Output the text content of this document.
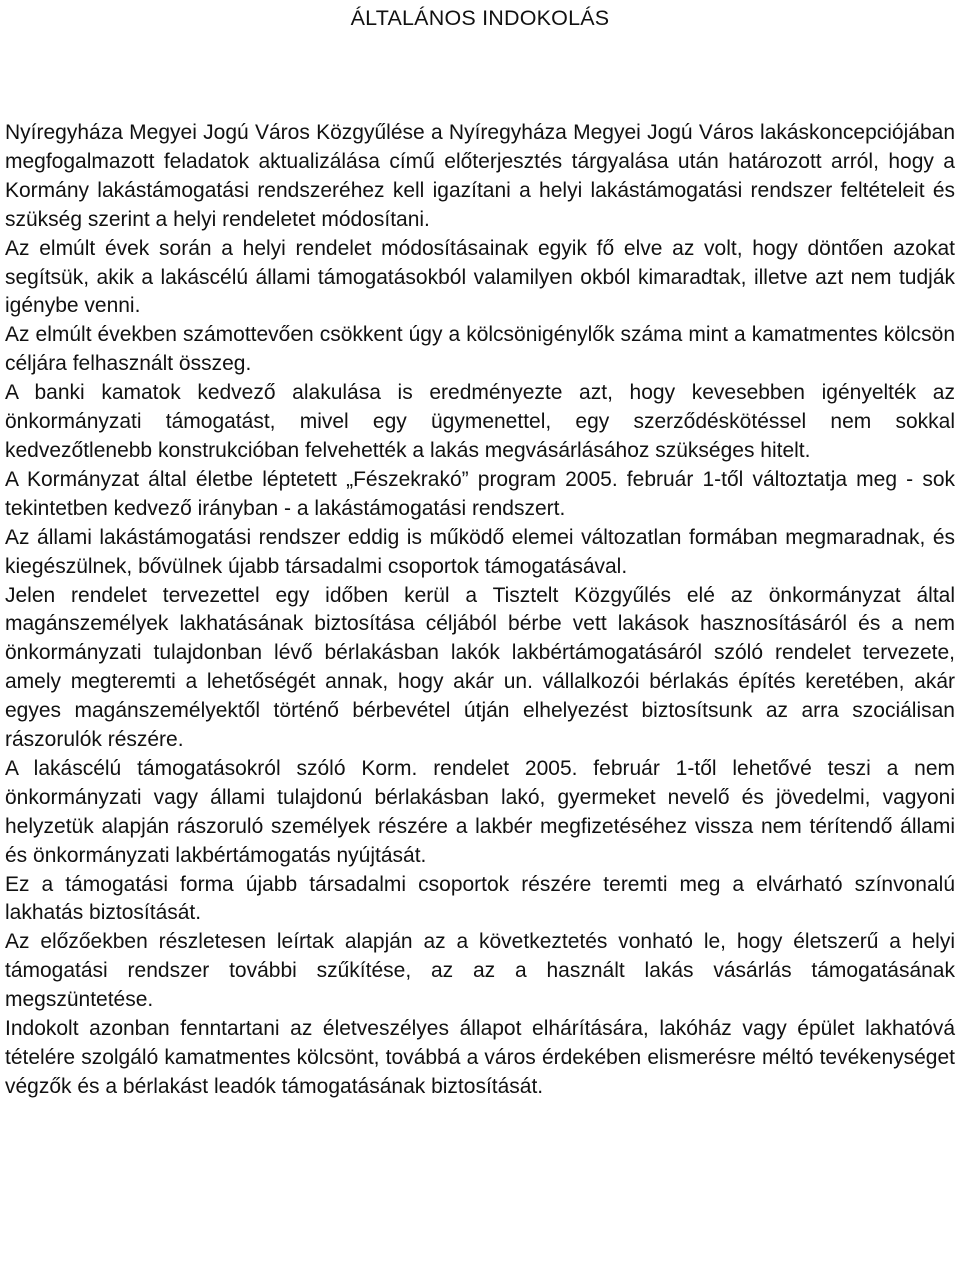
ÁLTALÁNOS INDOKOLÁS

Nyíregyháza Megyei Jogú Város Közgyűlése a Nyíregyháza Megyei Jogú Város lakáskoncepciójában megfogalmazott feladatok aktualizálása című előterjesztés tárgyalása után határozott arról, hogy a Kormány lakástámogatási rendszeréhez kell igazítani a helyi lakástámogatási rendszer feltételeit és szükség szerint a helyi rendeletet módosítani.

Az elmúlt évek során a helyi rendelet módosításainak egyik fő elve az volt, hogy döntően azokat segítsük, akik a lakáscélú állami támogatásokból valamilyen okból kimaradtak, illetve azt nem tudják igénybe venni.

Az elmúlt években számottevően csökkent úgy a kölcsönigénylők száma mint a kamatmentes kölcsön céljára felhasznált összeg.

A banki kamatok kedvező alakulása is eredményezte azt, hogy kevesebben igényelték az önkormányzati támogatást, mivel egy ügymenettel, egy szerződéskötéssel nem sokkal kedvezőtlenebb konstrukcióban felvehették a lakás megvásárlásához szükséges hitelt.

A Kormányzat által életbe léptetett „Fészekrakó” program 2005. február 1-től változtatja meg - sok tekintetben kedvező irányban - a lakástámogatási rendszert.

Az állami lakástámogatási rendszer eddig is működő elemei változatlan formában megmaradnak, és kiegészülnek, bővülnek újabb társadalmi csoportok támogatásával.

Jelen rendelet tervezettel egy időben kerül a Tisztelt Közgyűlés elé az önkormányzat által magánszemélyek lakhatásának biztosítása céljából bérbe vett lakások hasznosításáról és a nem önkormányzati tulajdonban lévő bérlakásban lakók lakbértámogatásáról szóló rendelet tervezete, amely megteremti a lehetőségét annak, hogy akár un. vállalkozói bérlakás építés keretében, akár egyes magánszemélyektől történő bérbevétel útján elhelyezést biztosítsunk az arra szociálisan rászorulók részére.

A lakáscélú támogatásokról szóló Korm. rendelet 2005. február 1-től lehetővé teszi a nem önkormányzati vagy állami tulajdonú bérlakásban lakó, gyermeket nevelő és jövedelmi, vagyoni helyzetük alapján rászoruló személyek részére a lakbér megfizetéséhez vissza nem térítendő állami és önkormányzati lakbértámogatás nyújtását.

Ez a támogatási forma újabb társadalmi csoportok részére teremti meg a elvárható színvonalú lakhatás biztosítását.

Az előzőekben részletesen leírtak alapján az a következtetés vonható le, hogy életszerű a helyi támogatási rendszer további szűkítése, az az a használt lakás vásárlás támogatásának megszüntetése.

Indokolt azonban fenntartani az életveszélyes állapot elhárítására, lakóház vagy épület lakhatóvá tételére szolgáló kamatmentes kölcsönt, továbbá a város érdekében elismerésre méltó tevékenységet végzők és a bérlakást leadók támogatásának biztosítását.
